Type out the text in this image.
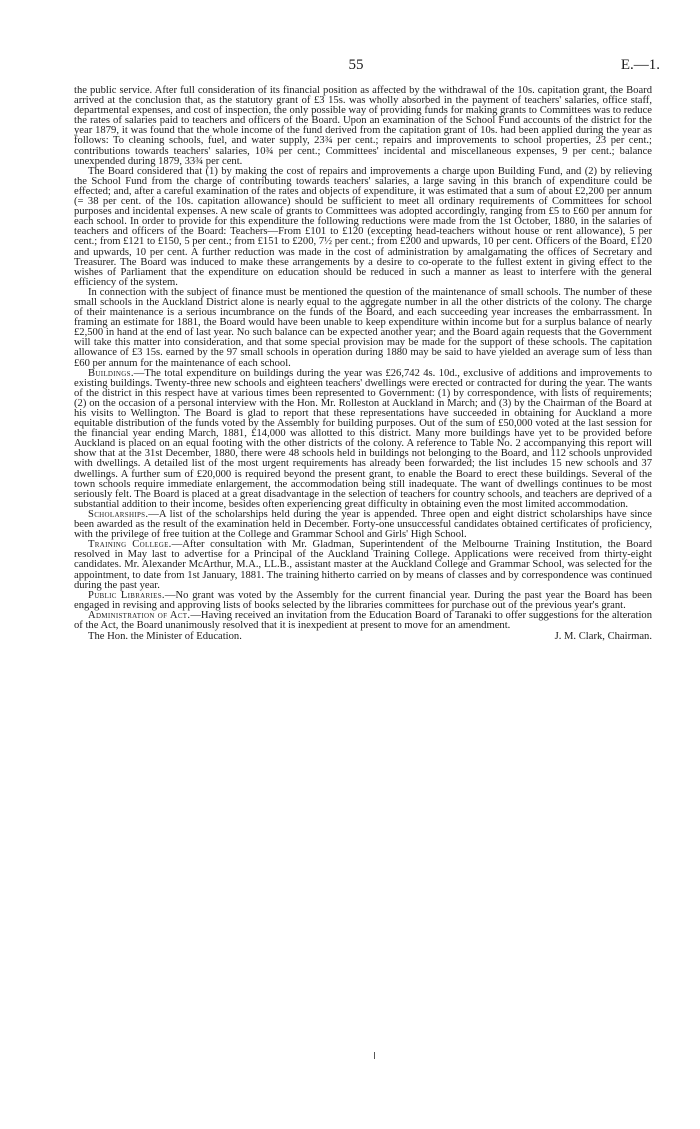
55	E.—1.

the public service. After full consideration of its financial position as affected by the withdrawal of the 10s. capitation grant, the Board arrived at the conclusion that, as the statutory grant of £3 15s. was wholly absorbed in the payment of teachers' salaries, office staff, departmental expenses, and cost of inspection, the only possible way of providing funds for making grants to Committees was to reduce the rates of salaries paid to teachers and officers of the Board. Upon an examination of the School Fund accounts of the district for the year 1879, it was found that the whole income of the fund derived from the capitation grant of 10s. had been applied during the year as follows: To cleaning schools, fuel, and water supply, 23¾ per cent.; repairs and improvements to school properties, 23 per cent.; contributions towards teachers' salaries, 10¾ per cent.; Committees' incidental and miscellaneous expenses, 9 per cent.; balance unexpended during 1879, 33¾ per cent.

The Board considered that (1) by making the cost of repairs and improvements a charge upon Building Fund, and (2) by relieving the School Fund from the charge of contributing towards teachers' salaries, a large saving in this branch of expenditure could be effected; and, after a careful examination of the rates and objects of expenditure, it was estimated that a sum of about £2,200 per annum (= 38 per cent. of the 10s. capitation allowance) should be sufficient to meet all ordinary requirements of Committees for school purposes and incidental expenses. A new scale of grants to Committees was adopted accordingly, ranging from £5 to £60 per annum for each school. In order to provide for this expenditure the following reductions were made from the 1st October, 1880, in the salaries of teachers and officers of the Board: Teachers—From £101 to £120 (excepting head-teachers without house or rent allowance), 5 per cent.; from £121 to £150, 5 per cent.; from £151 to £200, 7½ per cent.; from £200 and upwards, 10 per cent. Officers of the Board, £120 and upwards, 10 per cent. A further reduction was made in the cost of administration by amalgamating the offices of Secretary and Treasurer. The Board was induced to make these arrangements by a desire to co-operate to the fullest extent in giving effect to the wishes of Parliament that the expenditure on education should be reduced in such a manner as least to interfere with the general efficiency of the system.

In connection with the subject of finance must be mentioned the question of the maintenance of small schools. The number of these small schools in the Auckland District alone is nearly equal to the aggregate number in all the other districts of the colony. The charge of their maintenance is a serious incumbrance on the funds of the Board, and each succeeding year increases the embarrassment. In framing an estimate for 1881, the Board would have been unable to keep expenditure within income but for a surplus balance of nearly £2,500 in hand at the end of last year. No such balance can be expected another year; and the Board again requests that the Government will take this matter into consideration, and that some special provision may be made for the support of these schools. The capitation allowance of £3 15s. earned by the 97 small schools in operation during 1880 may be said to have yielded an average sum of less than £60 per annum for the maintenance of each school.

Buildings.—The total expenditure on buildings during the year was £26,742 4s. 10d., exclusive of additions and improvements to existing buildings. Twenty-three new schools and eighteen teachers' dwellings were erected or contracted for during the year. The wants of the district in this respect have at various times been represented to Government: (1) by correspondence, with lists of requirements; (2) on the occasion of a personal interview with the Hon. Mr. Rolleston at Auckland in March; and (3) by the Chairman of the Board at his visits to Wellington. The Board is glad to report that these representations have succeeded in obtaining for Auckland a more equitable distribution of the funds voted by the Assembly for building purposes. Out of the sum of £50,000 voted at the last session for the financial year ending March, 1881, £14,000 was allotted to this district. Many more buildings have yet to be provided before Auckland is placed on an equal footing with the other districts of the colony. A reference to Table No. 2 accompanying this report will show that at the 31st December, 1880, there were 48 schools held in buildings not belonging to the Board, and 112 schools unprovided with dwellings. A detailed list of the most urgent requirements has already been forwarded; the list includes 15 new schools and 37 dwellings. A further sum of £20,000 is required beyond the present grant, to enable the Board to erect these buildings. Several of the town schools require immediate enlargement, the accommodation being still inadequate. The want of dwellings continues to be most seriously felt. The Board is placed at a great disadvantage in the selection of teachers for country schools, and teachers are deprived of a substantial addition to their income, besides often experiencing great difficulty in obtaining even the most limited accommodation.

Scholarships.—A list of the scholarships held during the year is appended. Three open and eight district scholarships have since been awarded as the result of the examination held in December. Forty-one unsuccessful candidates obtained certificates of proficiency, with the privilege of free tuition at the College and Grammar School and Girls' High School.

Training College.—After consultation with Mr. Gladman, Superintendent of the Melbourne Training Institution, the Board resolved in May last to advertise for a Principal of the Auckland Training College. Applications were received from thirty-eight candidates. Mr. Alexander McArthur, M.A., LL.B., assistant master at the Auckland College and Grammar School, was selected for the appointment, to date from 1st January, 1881. The training hitherto carried on by means of classes and by correspondence was continued during the past year.

Public Libraries.—No grant was voted by the Assembly for the current financial year. During the past year the Board has been engaged in revising and approving lists of books selected by the libraries committees for purchase out of the previous year's grant.

Administration of Act.—Having received an invitation from the Education Board of Taranaki to offer suggestions for the alteration of the Act, the Board unanimously resolved that it is inexpedient at present to move for an amendment.

The Hon. the Minister of Education.	J. M. Clark, Chairman.
